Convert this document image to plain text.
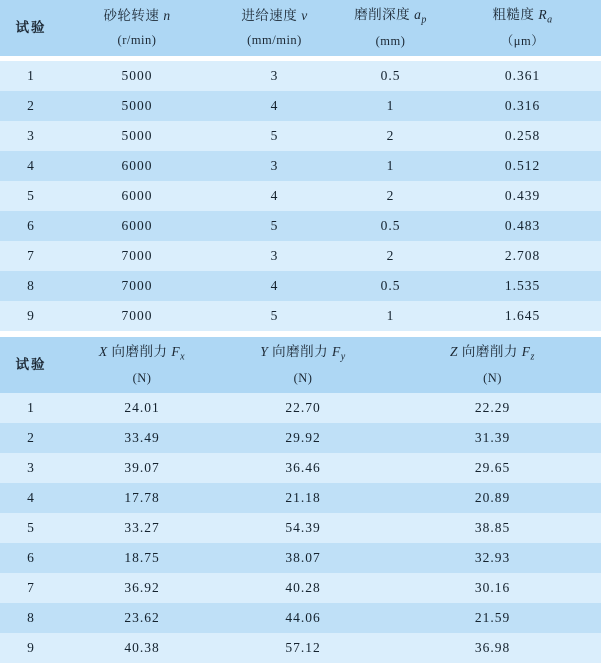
试验	
砂轮转速 n
(r/min)

进给速度 v
(mm/min)

磨削深度 $a_p$
(mm)

粗糙度 $R_a$
（μm）
1	5000	3	0.5	0.361
2	5000	4	1	0.316
3	5000	5	2	0.258
4	6000	3	1	0.512
5	6000	4	2	0.439
6	6000	5	0.5	0.483
7	7000	3	2	2.708
8	7000	4	0.5	1.535
9	7000	5	1	1.645
试验	
X 向磨削力 $F_x$
(N)

Y 向磨削力 $F_y$
(N)

Z 向磨削力 $F_z$
(N)
1	24.01	22.70	22.29
2	33.49	29.92	31.39
3	39.07	36.46	29.65
4	17.78	21.18	20.89
5	33.27	54.39	38.85
6	18.75	38.07	32.93
7	36.92	40.28	30.16
8	23.62	44.06	21.59
9	40.38	57.12	36.98
